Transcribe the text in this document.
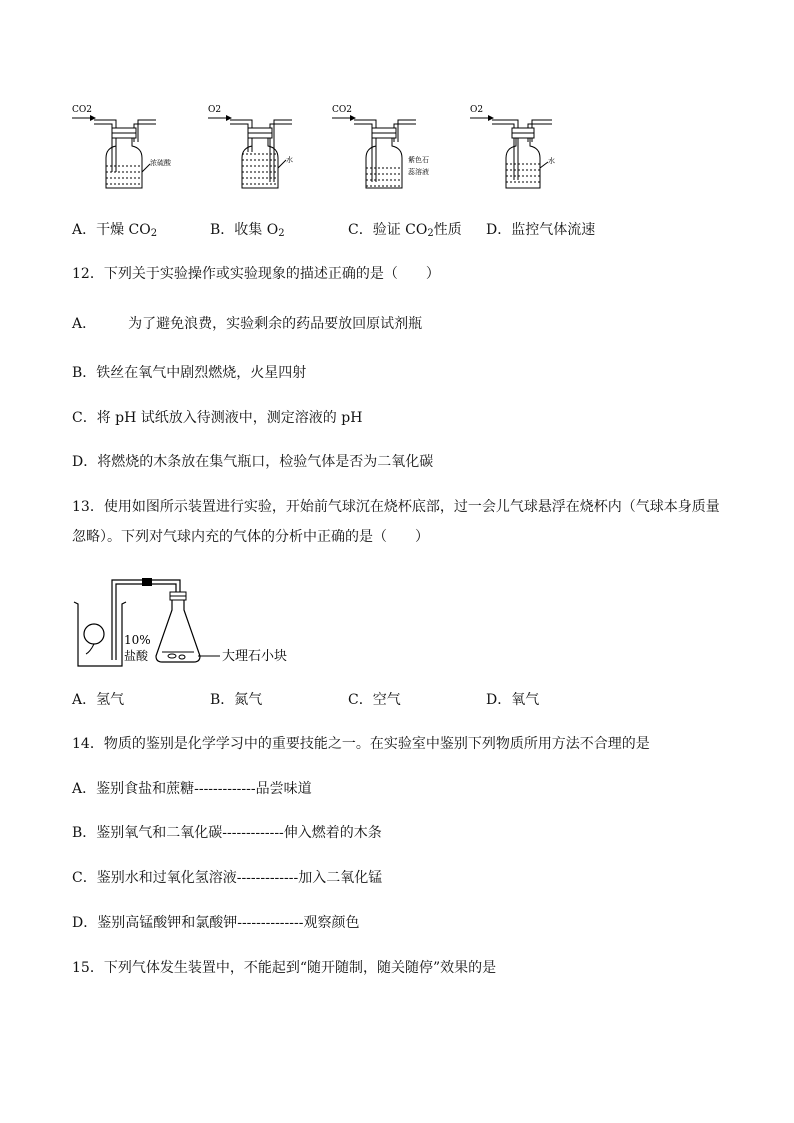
CO2
浓硫酸
O2
水
CO2
紫色石
蕊溶液
O2
水
A．干燥 $CO_2$	B．收集 $O_2$	C．验证 $CO_2$性质 D．监控气体流速
12．下列关于实验操作或实验现象的描述正确的是（　　）
A． 为了避免浪费，实验剩余的药品要放回原试剂瓶
B．铁丝在氧气中剧烈燃烧，火星四射
C．将 pH 试纸放入待测液中，测定溶液的 pH
D．将燃烧的木条放在集气瓶口，检验气体是否为二氧化碳
13．使用如图所示装置进行实验，开始前气球沉在烧杯底部，过一会儿气球悬浮在烧杯内（气球本身质量
忽略）。下列对气球内充的气体的分析中正确的是（　　）
10%
盐酸	大理石小块
A．氢气	B．氮气	C．空气	D．氧气
14．物质的鉴别是化学学习中的重要技能之一。在实验室中鉴别下列物质所用方法不合理的是
A．鉴别食盐和蔗糖-------------品尝味道
B．鉴别氧气和二氧化碳-------------伸入燃着的木条
C．鉴别水和过氧化氢溶液-------------加入二氧化锰
D．鉴别高锰酸钾和氯酸钾--------------观察颜色
15．下列气体发生装置中，不能起到“随开随制，随关随停”效果的是
